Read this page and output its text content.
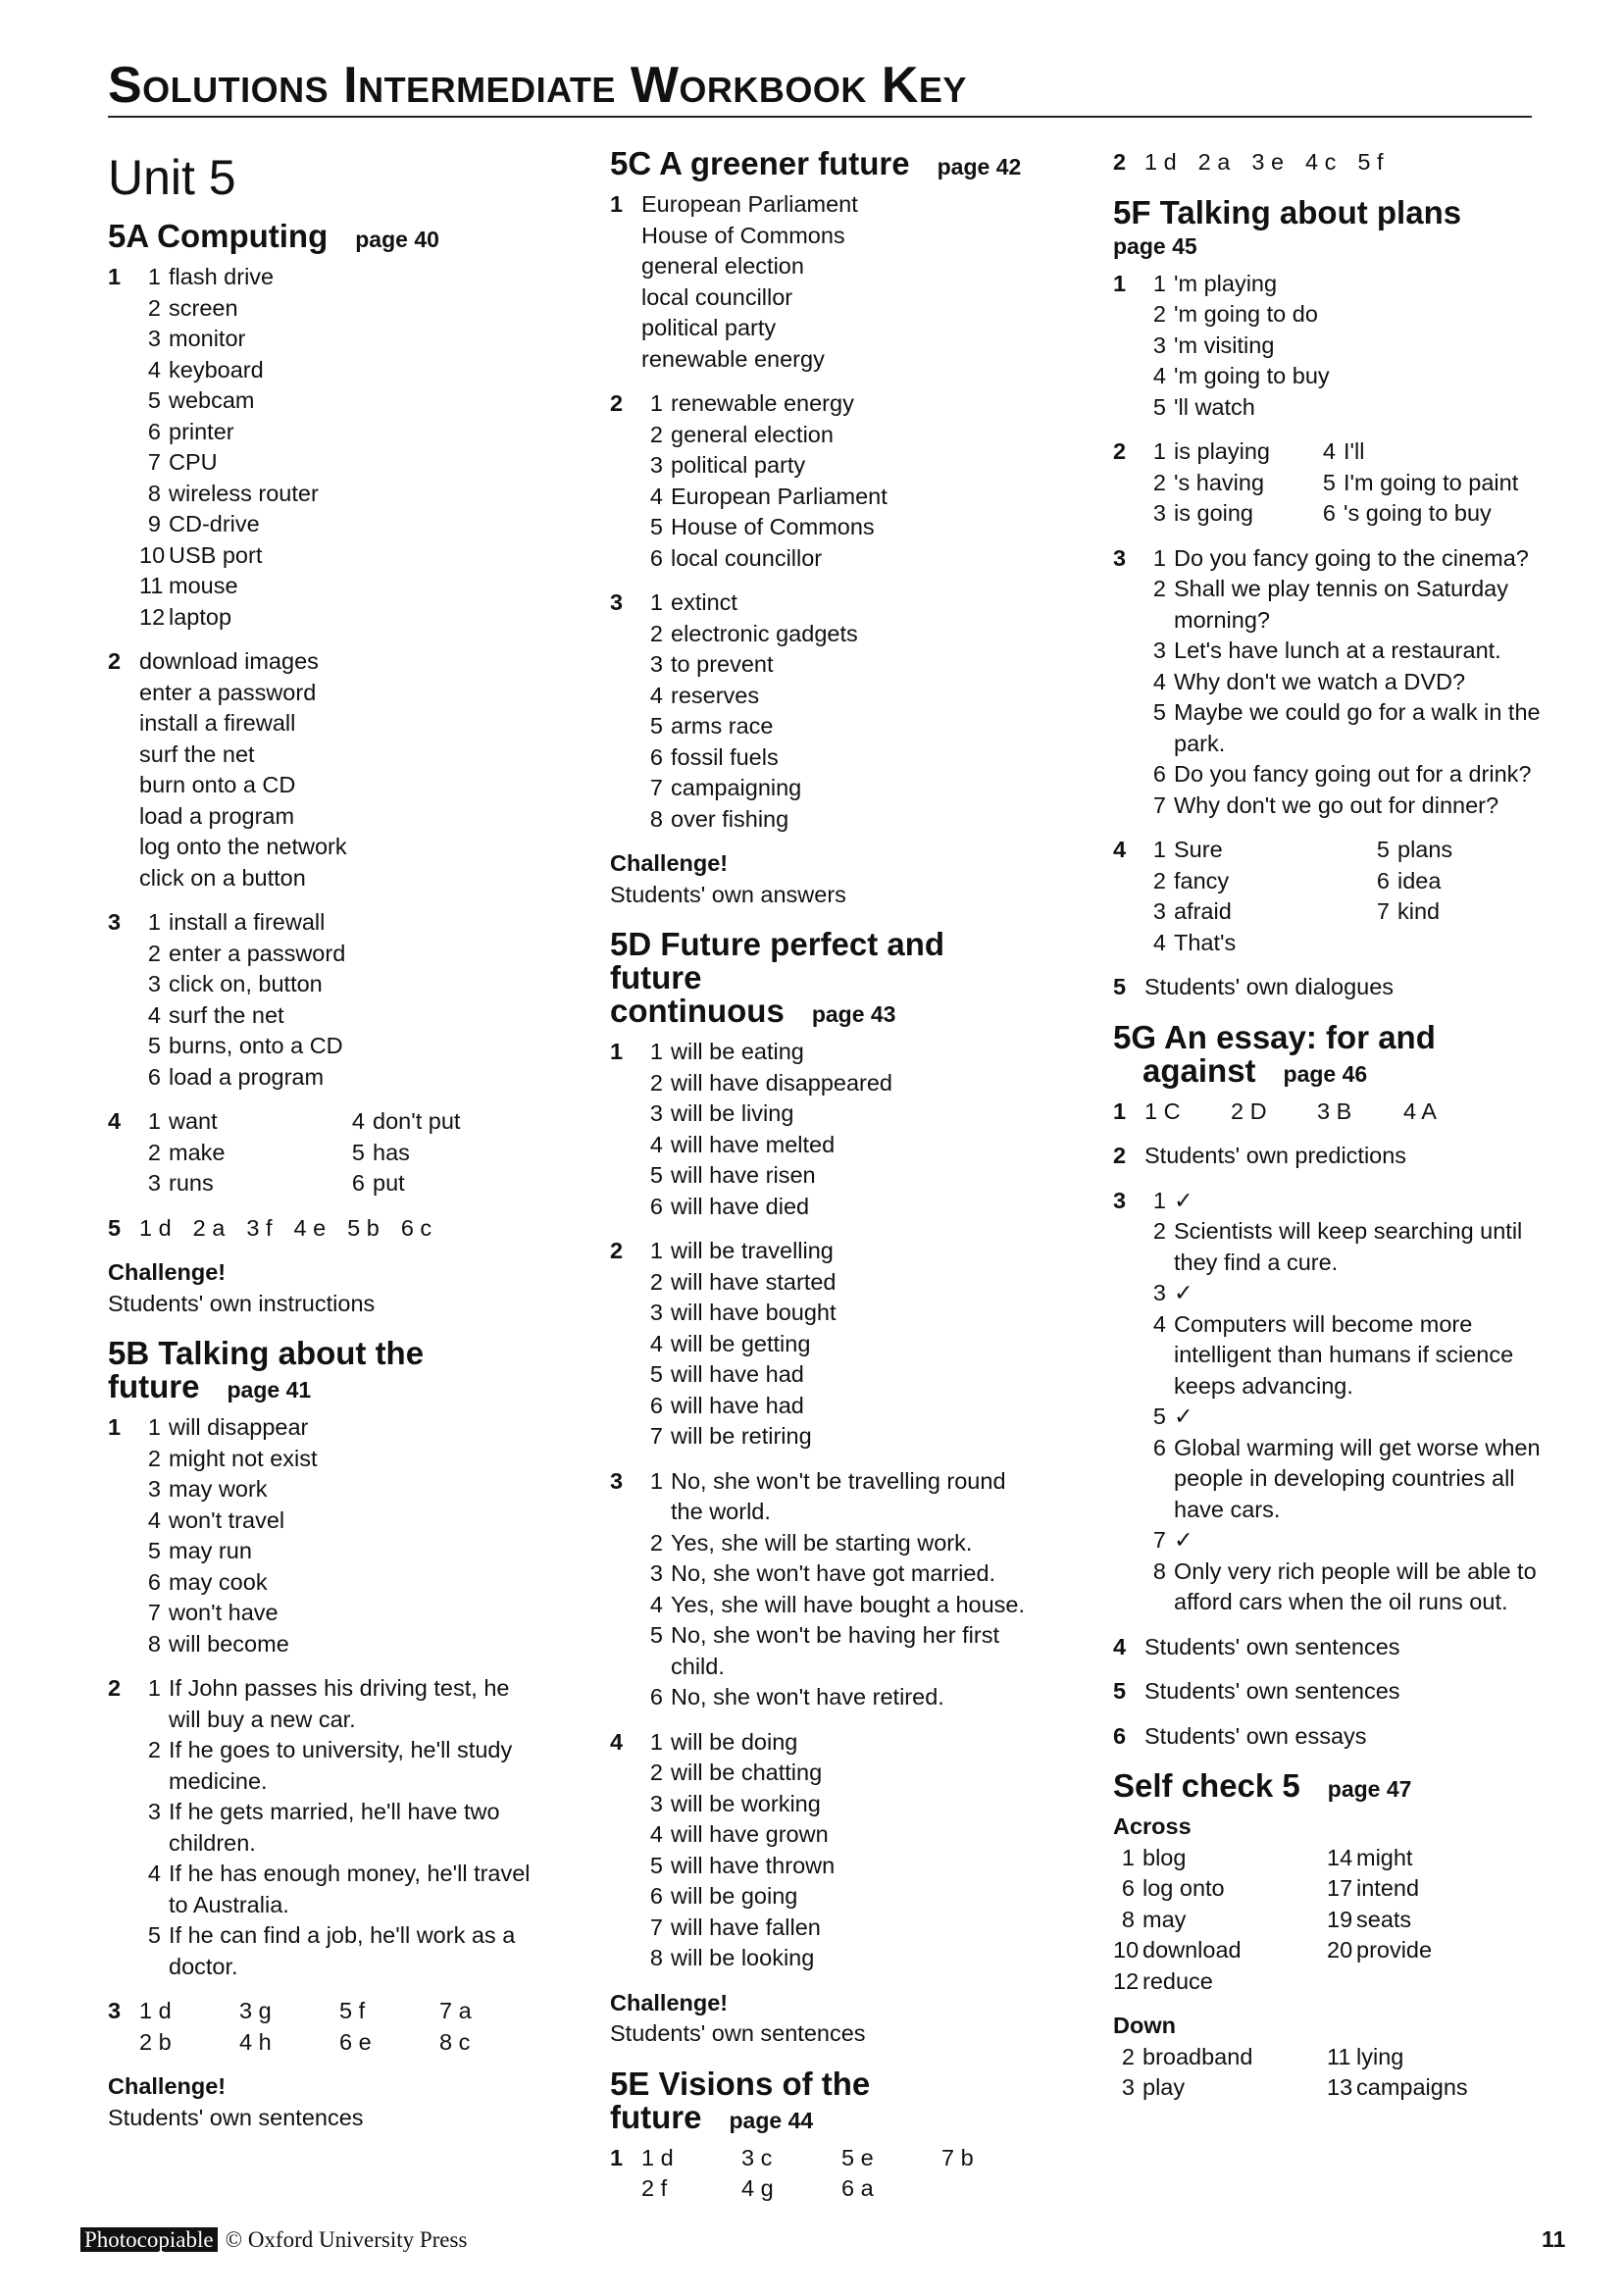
Solutions Intermediate Workbook Key
Unit 5
5A Computing page 40
1	1 flash drive
2 screen
3 monitor
4 keyboard
5 webcam
6 printer
7 CPU
8 wireless router
9 CD-drive
10 USB port
11 mouse
12 laptop
2 download images
enter a password
install a firewall
surf the net
burn onto a CD
load a program
log onto the network
click on a button
3	1 install a firewall
2 enter a password
3 click on, button
4 surf the net
5 burns, onto a CD
6 load a program
4	1 want	4 don't put
2 make	5 has
3 runs	6 put
5 1 d 2 a 3 f 4 e 5 b 6 c
Challenge!
Students' own instructions
5B Talking about the
future page 41
1	1 will disappear
2 might not exist
3 may work
4 won't travel
5 may run
6 may cook
7 won't have
8 will become
2	1 If John passes his driving test, he will buy a new car.
2 If he goes to university, he'll study medicine.
3 If he gets married, he'll have two children.
4 If he has enough money, he'll travel to Australia.
5 If he can find a job, he'll work as a doctor.
3 1 d	3 g	5 f	7 a
2 b	4 h	6 e	8 c
Challenge!
Students' own sentences
5C A greener future page 42
1 European Parliament
House of Commons
general election
local councillor
political party
renewable energy
2	1 renewable energy
2 general election
3 political party
4 European Parliament
5 House of Commons
6 local councillor
3	1 extinct
2 electronic gadgets
3 to prevent
4 reserves
5 arms race
6 fossil fuels
7 campaigning
8 over fishing
Challenge!
Students' own answers
5D Future perfect and future
continuous page 43
1	1 will be eating
2 will have disappeared
3 will be living
4 will have melted
5 will have risen
6 will have died
2	1 will be travelling
2 will have started
3 will have bought
4 will be getting
5 will have had
6 will have had
7 will be retiring
3	1 No, she won't be travelling round the world.
2 Yes, she will be starting work.
3 No, she won't have got married.
4 Yes, she will have bought a house.
5 No, she won't be having her first child.
6 No, she won't have retired.
4	1 will be doing
2 will be chatting
3 will be working
4 will have grown
5 will have thrown
6 will be going
7 will have fallen
8 will be looking
Challenge!
Students' own sentences
5E Visions of the
future page 44
1 1 d	3 c	5 e	7 b
2 f	4 g	6 a
2 1 d 2 a 3 e 4 c 5 f
5F Talking about plans
page 45
1	1 'm playing
2 'm going to do
3 'm visiting
4 'm going to buy
5 'll watch
2	1 is playing	4 I'll
2 's having	5 I'm going to paint
3 is going	6 's going to buy
3	1 Do you fancy going to the cinema?
2 Shall we play tennis on Saturday morning?
3 Let's have lunch at a restaurant.
4 Why don't we watch a DVD?
5 Maybe we could go for a walk in the park.
6 Do you fancy going out for a drink?
7 Why don't we go out for dinner?
4	1 Sure	5 plans
2 fancy	6 idea
3 afraid	7 kind
4 That's
5 Students' own dialogues
5G An essay: for and
against page 46
1 1 C	2 D	3 B	4 A
2 Students' own predictions
3	1 ✓
2 Scientists will keep searching until they find a cure.
3 ✓
4 Computers will become more intelligent than humans if science keeps advancing.
5 ✓
6 Global warming will get worse when people in developing countries all have cars.
7 ✓
8 Only very rich people will be able to afford cars when the oil runs out.
4 Students' own sentences
5 Students' own sentences
6 Students' own essays
Self check 5 page 47
Across
1 blog	14 might
6 log onto	17 intend
8 may	19 seats
10 download	20 provide
12 reduce
Down
2 broadband	11 lying
3 play	13 campaigns
Photocopiable © Oxford University Press	11
